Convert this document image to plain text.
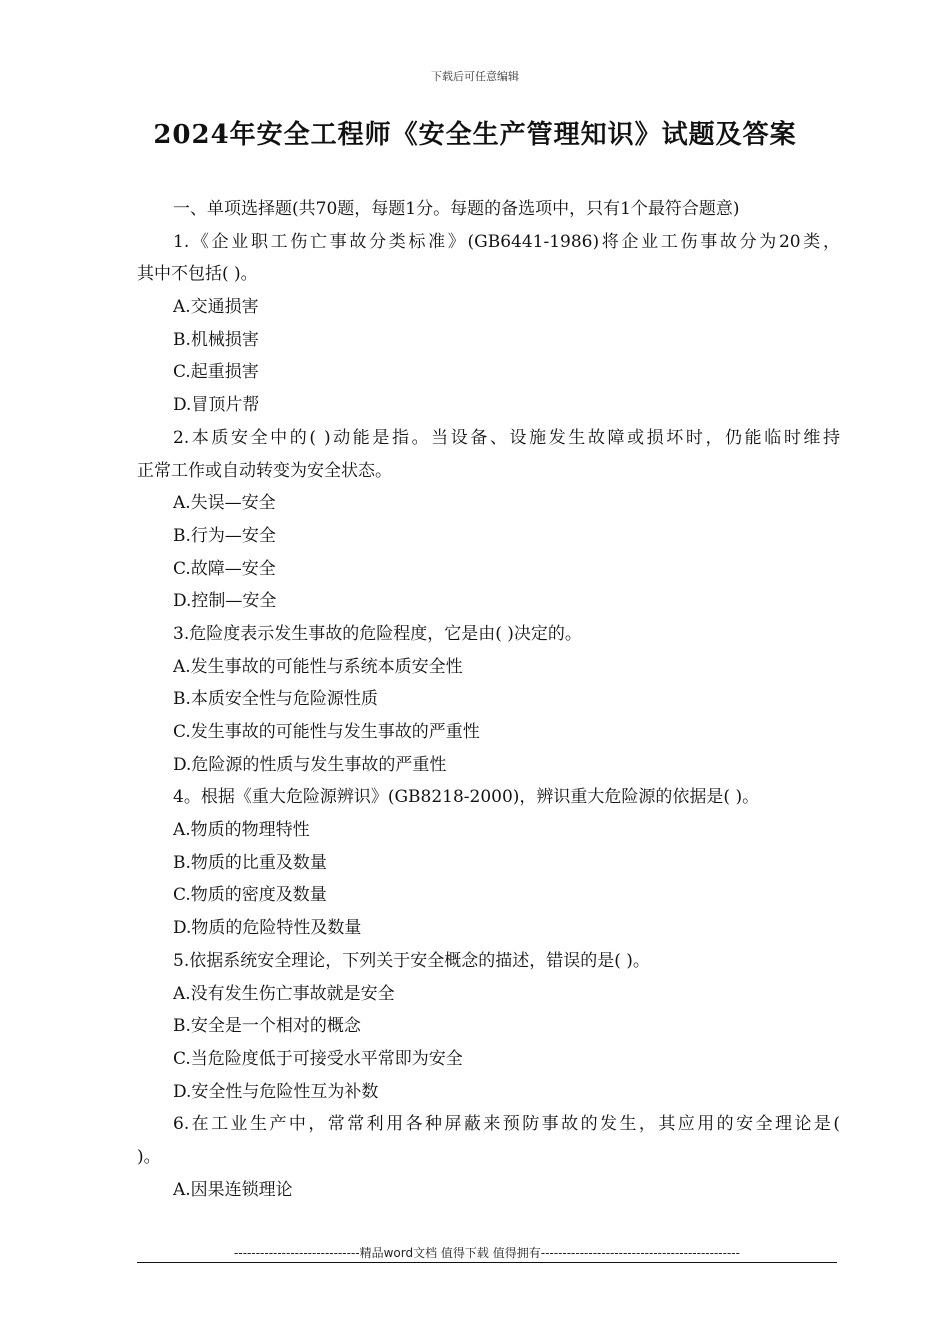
下载后可任意编辑
2024年安全工程师《安全生产管理知识》试题及答案
一、单项选择题(共70题，每题1分。每题的备选项中，只有1个最符合题意)
1.《企业职工伤亡事故分类标准》(GB6441-1986)将企业工伤事故分为20类，
其中不包括( )。
A.交通损害
B.机械损害
C.起重损害
D.冒顶片帮
2.本质安全中的( )动能是指。当设备、设施发生故障或损坏时，仍能临时维持
正常工作或自动转变为安全状态。
A.失误—安全
B.行为—安全
C.故障—安全
D.控制—安全
3.危险度表示发生事故的危险程度，它是由( )决定的。
A.发生事故的可能性与系统本质安全性
B.本质安全性与危险源性质
C.发生事故的可能性与发生事故的严重性
D.危险源的性质与发生事故的严重性
4。根据《重大危险源辨识》(GB8218-2000)，辨识重大危险源的依据是( )。
A.物质的物理特性
B.物质的比重及数量
C.物质的密度及数量
D.物质的危险特性及数量
5.依据系统安全理论，下列关于安全概念的描述，错误的是( )。
A.没有发生伤亡事故就是安全
B.安全是一个相对的概念
C.当危险度低于可接受水平常即为安全
D.安全性与危险性互为补数
6.在工业生产中，常常利用各种屏蔽来预防事故的发生，其应用的安全理论是(
)。
A.因果连锁理论
-----------------------------精品word文档 值得下载 值得拥有----------------------------------------------
